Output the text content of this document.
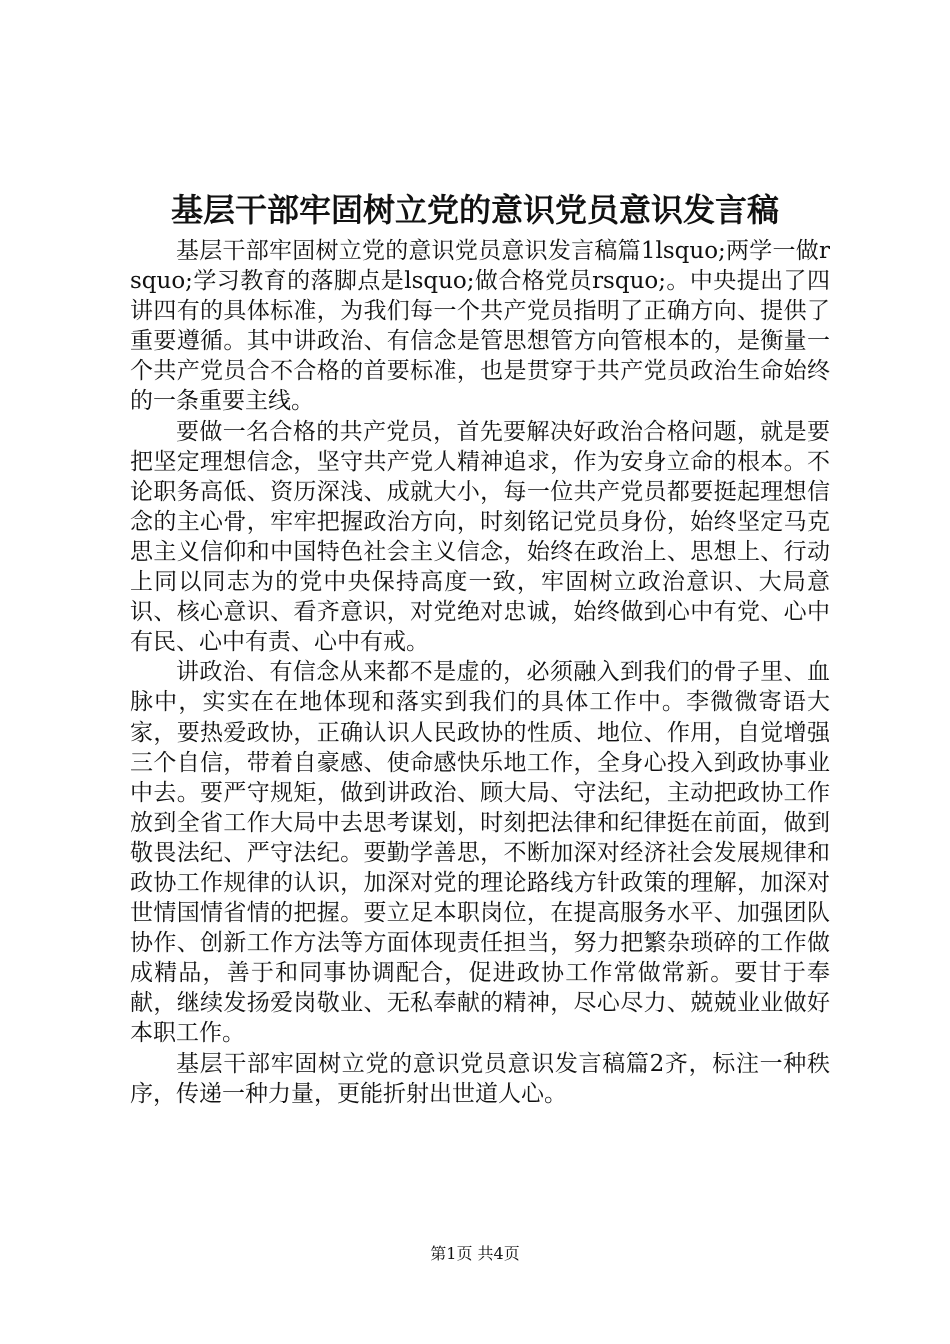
基层干部牢固树立党的意识党员意识发言稿

基层干部牢固树立党的意识党员意识发言稿篇1lsquo;两学一做rsquo;学习教育的落脚点是lsquo;做合格党员rsquo;。中央提出了四讲四有的具体标准，为我们每一个共产党员指明了正确方向、提供了重要遵循。其中讲政治、有信念是管思想管方向管根本的，是衡量一个共产党员合不合格的首要标准，也是贯穿于共产党员政治生命始终的一条重要主线。

要做一名合格的共产党员，首先要解决好政治合格问题，就是要把坚定理想信念，坚守共产党人精神追求，作为安身立命的根本。不论职务高低、资历深浅、成就大小，每一位共产党员都要挺起理想信念的主心骨，牢牢把握政治方向，时刻铭记党员身份，始终坚定马克思主义信仰和中国特色社会主义信念，始终在政治上、思想上、行动上同以同志为的党中央保持高度一致，牢固树立政治意识、大局意识、核心意识、看齐意识，对党绝对忠诚，始终做到心中有党、心中有民、心中有责、心中有戒。

讲政治、有信念从来都不是虚的，必须融入到我们的骨子里、血脉中，实实在在地体现和落实到我们的具体工作中。李微微寄语大家，要热爱政协，正确认识人民政协的性质、地位、作用，自觉增强三个自信，带着自豪感、使命感快乐地工作，全身心投入到政协事业中去。要严守规矩，做到讲政治、顾大局、守法纪，主动把政协工作放到全省工作大局中去思考谋划，时刻把法律和纪律挺在前面，做到敬畏法纪、严守法纪。要勤学善思，不断加深对经济社会发展规律和政协工作规律的认识，加深对党的理论路线方针政策的理解，加深对世情国情省情的把握。要立足本职岗位，在提高服务水平、加强团队协作、创新工作方法等方面体现责任担当，努力把繁杂琐碎的工作做成精品，善于和同事协调配合，促进政协工作常做常新。要甘于奉献，继续发扬爱岗敬业、无私奉献的精神，尽心尽力、兢兢业业做好本职工作。

基层干部牢固树立党的意识党员意识发言稿篇2齐，标注一种秩序，传递一种力量，更能折射出世道人心。

第1页 共4页
